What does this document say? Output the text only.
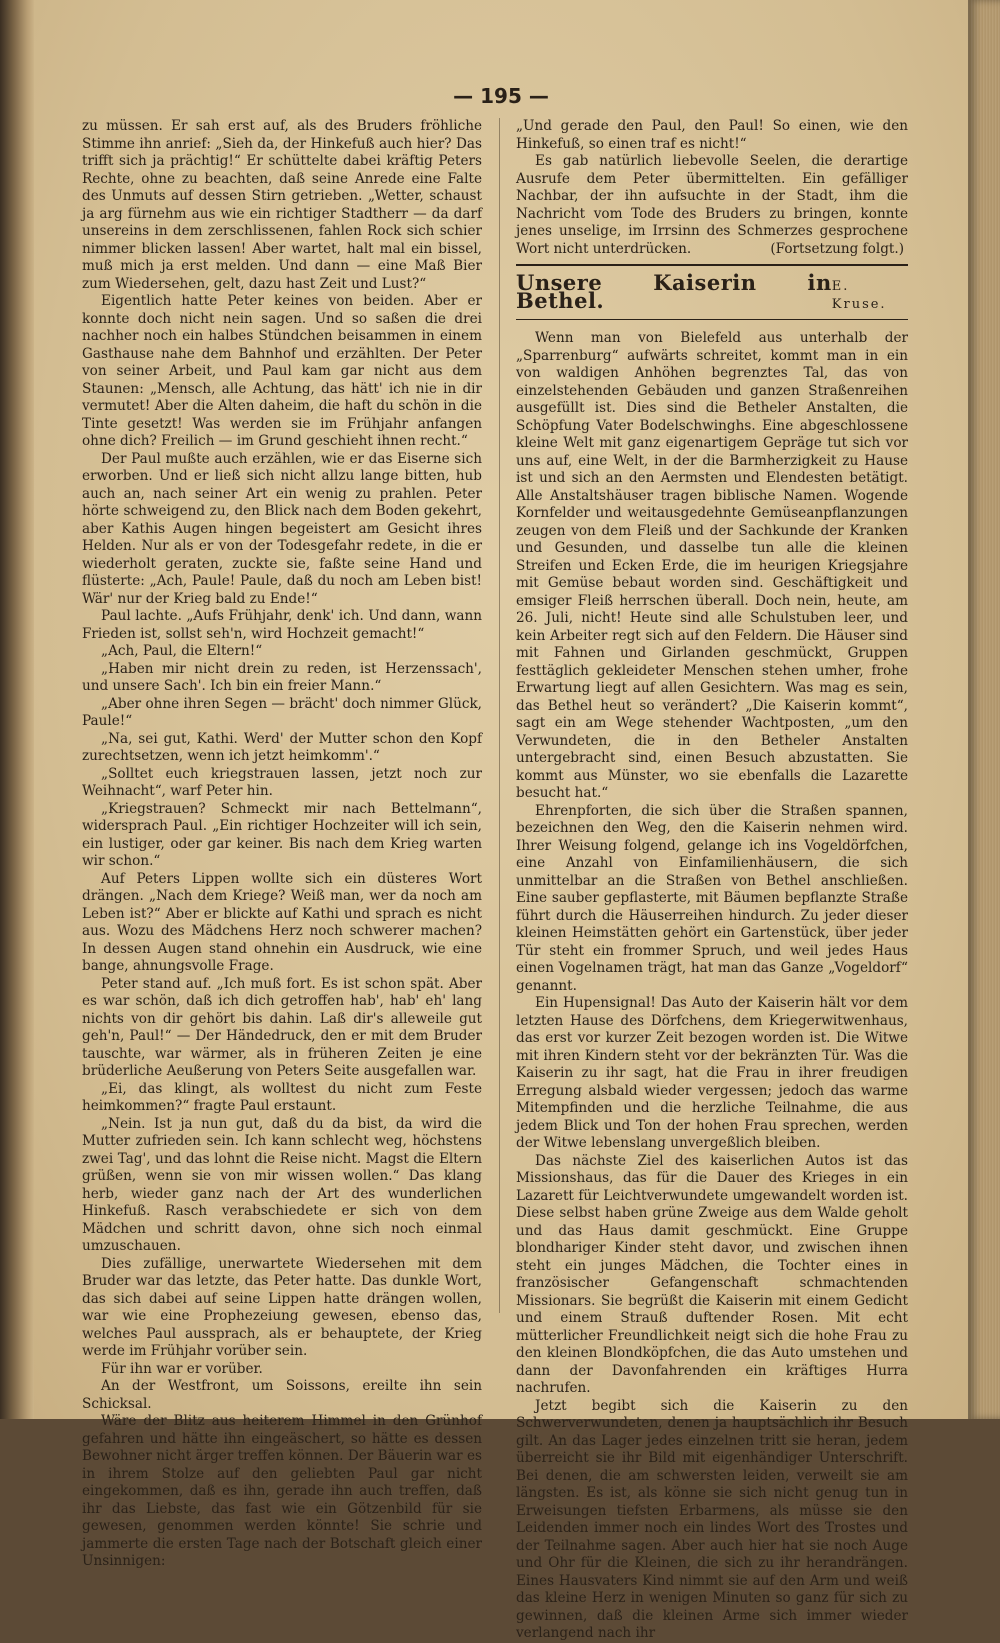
— 195 —

zu müssen. Er sah erst auf, als des Bruders fröhliche Stimme ihn anrief: „Sieh da, der Hinkefuß auch hier? Das trifft sich ja prächtig!“ Er schüttelte dabei kräftig Peters Rechte, ohne zu beachten, daß seine Anrede eine Falte des Unmuts auf dessen Stirn getrieben. „Wetter, schaust ja arg fürnehm aus wie ein richtiger Stadtherr — da darf unsereins in dem zerschlissenen, fahlen Rock sich schier nimmer blicken lassen! Aber wartet, halt mal ein bissel, muß mich ja erst melden. Und dann — eine Maß Bier zum Wiedersehen, gelt, dazu hast Zeit und Lust?“

Eigentlich hatte Peter keines von beiden. Aber er konnte doch nicht nein sagen. Und so saßen die drei nachher noch ein halbes Stündchen beisammen in einem Gasthause nahe dem Bahnhof und erzählten. Der Peter von seiner Arbeit, und Paul kam gar nicht aus dem Staunen: „Mensch, alle Achtung, das hätt' ich nie in dir vermutet! Aber die Alten daheim, die haft du schön in die Tinte gesetzt! Was werden sie im Frühjahr anfangen ohne dich? Freilich — im Grund geschieht ihnen recht.“

Der Paul mußte auch erzählen, wie er das Eiserne sich erworben. Und er ließ sich nicht allzu lange bitten, hub auch an, nach seiner Art ein wenig zu prahlen. Peter hörte schweigend zu, den Blick nach dem Boden gekehrt, aber Kathis Augen hingen begeistert am Gesicht ihres Helden. Nur als er von der Todesgefahr redete, in die er wiederholt geraten, zuckte sie, faßte seine Hand und flüsterte: „Ach, Paule! Paule, daß du noch am Leben bist! Wär' nur der Krieg bald zu Ende!“

Paul lachte. „Aufs Frühjahr, denk' ich. Und dann, wann Frieden ist, sollst seh'n, wird Hochzeit gemacht!“

„Ach, Paul, die Eltern!“

„Haben mir nicht drein zu reden, ist Herzenssach', und unsere Sach'. Ich bin ein freier Mann.“

„Aber ohne ihren Segen — brächt' doch nimmer Glück, Paule!“

„Na, sei gut, Kathi. Werd' der Mutter schon den Kopf zurechtsetzen, wenn ich jetzt heimkomm'.“

„Solltet euch kriegstrauen lassen, jetzt noch zur Weihnacht“, warf Peter hin.

„Kriegstrauen? Schmeckt mir nach Bettelmann“, widersprach Paul. „Ein richtiger Hochzeiter will ich sein, ein lustiger, oder gar keiner. Bis nach dem Krieg warten wir schon.“

Auf Peters Lippen wollte sich ein düsteres Wort drängen. „Nach dem Kriege? Weiß man, wer da noch am Leben ist?“ Aber er blickte auf Kathi und sprach es nicht aus. Wozu des Mädchens Herz noch schwerer machen? In dessen Augen stand ohnehin ein Ausdruck, wie eine bange, ahnungsvolle Frage.

Peter stand auf. „Ich muß fort. Es ist schon spät. Aber es war schön, daß ich dich getroffen hab', hab' eh' lang nichts von dir gehört bis dahin. Laß dir's alleweile gut geh'n, Paul!“ — Der Händedruck, den er mit dem Bruder tauschte, war wärmer, als in früheren Zeiten je eine brüderliche Aeußerung von Peters Seite ausgefallen war.

„Ei, das klingt, als wolltest du nicht zum Feste heimkommen?“ fragte Paul erstaunt.

„Nein. Ist ja nun gut, daß du da bist, da wird die Mutter zufrieden sein. Ich kann schlecht weg, höchstens zwei Tag', und das lohnt die Reise nicht. Magst die Eltern grüßen, wenn sie von mir wissen wollen.“ Das klang herb, wieder ganz nach der Art des wunderlichen Hinkefuß. Rasch verabschiedete er sich von dem Mädchen und schritt davon, ohne sich noch einmal umzuschauen.

Dies zufällige, unerwartete Wiedersehen mit dem Bruder war das letzte, das Peter hatte. Das dunkle Wort, das sich dabei auf seine Lippen hatte drängen wollen, war wie eine Prophezeiung gewesen, ebenso das, welches Paul aussprach, als er behauptete, der Krieg werde im Frühjahr vorüber sein.

Für ihn war er vorüber.

An der Westfront, um Soissons, ereilte ihn sein Schicksal.

Wäre der Blitz aus heiterem Himmel in den Grünhof gefahren und hätte ihn eingeäschert, so hätte es dessen Bewohner nicht ärger treffen können. Der Bäuerin war es in ihrem Stolze auf den geliebten Paul gar nicht eingekommen, daß es ihn, gerade ihn auch treffen, daß ihr das Liebste, das fast wie ein Götzenbild für sie gewesen, genommen werden könnte! Sie schrie und jammerte die ersten Tage nach der Botschaft gleich einer Unsinnigen:

„Und gerade den Paul, den Paul! So einen, wie den Hinkefuß, so einen traf es nicht!“

Es gab natürlich liebevolle Seelen, die derartige Ausrufe dem Peter übermittelten. Ein gefälliger Nachbar, der ihn aufsuchte in der Stadt, ihm die Nachricht vom Tode des Bruders zu bringen, konnte jenes unselige, im Irrsinn des Schmerzes gesprochene Wort nicht unterdrücken.	(Fortsetzung folgt.)
Unsere Kaiserin in Bethel.
E. Kruse.

Wenn man von Bielefeld aus unterhalb der „Sparrenburg“ aufwärts schreitet, kommt man in ein von waldigen Anhöhen begrenztes Tal, das von einzelstehenden Gebäuden und ganzen Straßenreihen ausgefüllt ist. Dies sind die Betheler Anstalten, die Schöpfung Vater Bodelschwinghs. Eine abgeschlossene kleine Welt mit ganz eigenartigem Gepräge tut sich vor uns auf, eine Welt, in der die Barmherzigkeit zu Hause ist und sich an den Aermsten und Elendesten betätigt. Alle Anstaltshäuser tragen biblische Namen. Wogende Kornfelder und weitausgedehnte Gemüseanpflanzungen zeugen von dem Fleiß und der Sachkunde der Kranken und Gesunden, und dasselbe tun alle die kleinen Streifen und Ecken Erde, die im heurigen Kriegsjahre mit Gemüse bebaut worden sind. Geschäftigkeit und emsiger Fleiß herrschen überall. Doch nein, heute, am 26. Juli, nicht! Heute sind alle Schulstuben leer, und kein Arbeiter regt sich auf den Feldern. Die Häuser sind mit Fahnen und Girlanden geschmückt, Gruppen festtäglich gekleideter Menschen stehen umher, frohe Erwartung liegt auf allen Gesichtern. Was mag es sein, das Bethel heut so verändert? „Die Kaiserin kommt“, sagt ein am Wege stehender Wachtposten, „um den Verwundeten, die in den Betheler Anstalten untergebracht sind, einen Besuch abzustatten. Sie kommt aus Münster, wo sie ebenfalls die Lazarette besucht hat.“

Ehrenpforten, die sich über die Straßen spannen, bezeichnen den Weg, den die Kaiserin nehmen wird. Ihrer Weisung folgend, gelange ich ins Vogeldörfchen, eine Anzahl von Einfamilienhäusern, die sich unmittelbar an die Straßen von Bethel anschließen. Eine sauber gepflasterte, mit Bäumen bepflanzte Straße führt durch die Häuserreihen hindurch. Zu jeder dieser kleinen Heimstätten gehört ein Gartenstück, über jeder Tür steht ein frommer Spruch, und weil jedes Haus einen Vogelnamen trägt, hat man das Ganze „Vogeldorf“ genannt.

Ein Hupensignal! Das Auto der Kaiserin hält vor dem letzten Hause des Dörfchens, dem Kriegerwitwenhaus, das erst vor kurzer Zeit bezogen worden ist. Die Witwe mit ihren Kindern steht vor der bekränzten Tür. Was die Kaiserin zu ihr sagt, hat die Frau in ihrer freudigen Erregung alsbald wieder vergessen; jedoch das warme Mitempfinden und die herzliche Teilnahme, die aus jedem Blick und Ton der hohen Frau sprechen, werden der Witwe lebenslang unvergeßlich bleiben.

Das nächste Ziel des kaiserlichen Autos ist das Missionshaus, das für die Dauer des Krieges in ein Lazarett für Leichtverwundete umgewandelt worden ist. Diese selbst haben grüne Zweige aus dem Walde geholt und das Haus damit geschmückt. Eine Gruppe blondhariger Kinder steht davor, und zwischen ihnen steht ein junges Mädchen, die Tochter eines in französischer Gefangenschaft schmachtenden Missionars. Sie begrüßt die Kaiserin mit einem Gedicht und einem Strauß duftender Rosen. Mit echt mütterlicher Freundlichkeit neigt sich die hohe Frau zu den kleinen Blondköpfchen, die das Auto umstehen und dann der Davonfahrenden ein kräftiges Hurra nachrufen.

Jetzt begibt sich die Kaiserin zu den Schwerverwundeten, denen ja hauptsächlich ihr Besuch gilt. An das Lager jedes einzelnen tritt sie heran, jedem überreicht sie ihr Bild mit eigenhändiger Unterschrift. Bei denen, die am schwersten leiden, verweilt sie am längsten. Es ist, als könne sie sich nicht genug tun in Erweisungen tiefsten Erbarmens, als müsse sie den Leidenden immer noch ein lindes Wort des Trostes und der Teilnahme sagen. Aber auch hier hat sie noch Auge und Ohr für die Kleinen, die sich zu ihr herandrängen. Eines Hausvaters Kind nimmt sie auf den Arm und weiß das kleine Herz in wenigen Minuten so ganz für sich zu gewinnen, daß die kleinen Arme sich immer wieder verlangend nach ihr
